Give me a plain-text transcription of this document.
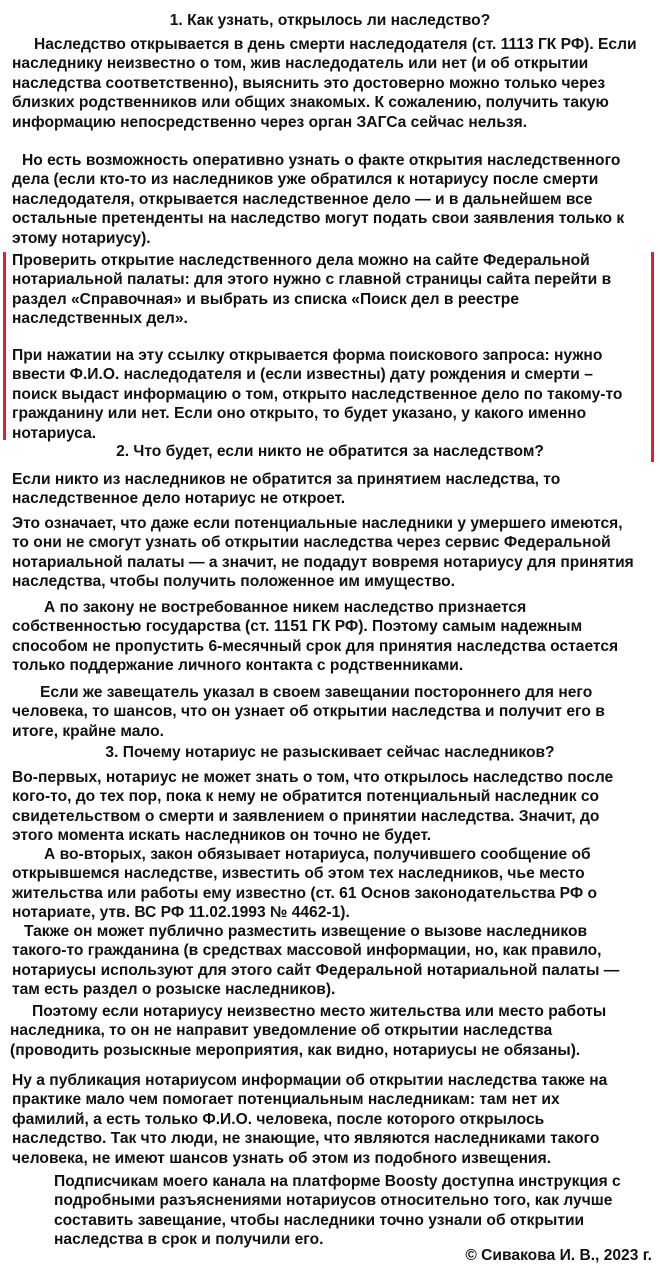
1. Как узнать, открылось ли наследство?

Наследство открывается в день смерти наследодателя (ст. 1113 ГК РФ). Если наследнику неизвестно о том, жив наследодатель или нет (и об открытии наследства соответственно), выяснить это достоверно можно только через близких родственников или общих знакомых. К сожалению, получить такую информацию непосредственно через орган ЗАГСа сейчас нельзя.

Но есть возможность оперативно узнать о факте открытия наследственного дела (если кто-то из наследников уже обратился к нотариусу после смерти наследодателя, открывается наследственное дело — и в дальнейшем все остальные претенденты на наследство могут подать свои заявления только к этому нотариусу).

Проверить открытие наследственного дела можно на сайте Федеральной нотариальной палаты: для этого нужно с главной страницы сайта перейти в раздел «Справочная» и выбрать из списка «Поиск дел в реестре наследственных дел».

При нажатии на эту ссылку открывается форма поискового запроса: нужно ввести Ф.И.О. наследодателя и (если известны) дату рождения и смерти – поиск выдаст информацию о том, открыто наследственное дело по такому-то гражданину или нет. Если оно открыто, то будет указано, у какого именно нотариуса.

2. Что будет, если никто не обратится за наследством?

Если никто из наследников не обратится за принятием наследства, то наследственное дело нотариус не откроет.

Это означает, что даже если потенциальные наследники у умершего имеются, то они не смогут узнать об открытии наследства через сервис Федеральной нотариальной палаты — а значит, не подадут вовремя нотариусу для принятия наследства, чтобы получить положенное им имущество.

А по закону не востребованное никем наследство признается собственностью государства (ст. 1151 ГК РФ). Поэтому самым надежным способом не пропустить 6-месячный срок для принятия наследства остается только поддержание личного контакта с родственниками.

Если же завещатель указал в своем завещании постороннего для него человека, то шансов, что он узнает об открытии наследства и получит его в итоге, крайне мало.

3. Почему нотариус не разыскивает сейчас наследников?

Во-первых, нотариус не может знать о том, что открылось наследство после кого-то, до тех пор, пока к нему не обратится потенциальный наследник со свидетельством о смерти и заявлением о принятии наследства. Значит, до этого момента искать наследников он точно не будет.

А во-вторых, закон обязывает нотариуса, получившего сообщение об открывшемся наследстве, известить об этом тех наследников, чье место жительства или работы ему известно (ст. 61 Основ законодательства РФ о нотариате, утв. ВС РФ 11.02.1993 № 4462-1).

Также он может публично разместить извещение о вызове наследников такого-то гражданина (в средствах массовой информации, но, как правило, нотариусы используют для этого сайт Федеральной нотариальной палаты — там есть раздел о розыске наследников).

Поэтому если нотариусу неизвестно место жительства или место работы наследника, то он не направит уведомление об открытии наследства (проводить розыскные мероприятия, как видно, нотариусы не обязаны).

Ну а публикация нотариусом информации об открытии наследства также на практике мало чем помогает потенциальным наследникам: там нет их фамилий, а есть только Ф.И.О. человека, после которого открылось наследство. Так что люди, не знающие, что являются наследниками такого человека, не имеют шансов узнать об этом из подобного извещения.

Подписчикам моего канала на платформе Boosty доступна инструкция с подробными разъяснениями нотариусов относительно того, как лучше составить завещание, чтобы наследники точно узнали об открытии наследства в срок и получили его.

© Сивакова И. В., 2023 г.
